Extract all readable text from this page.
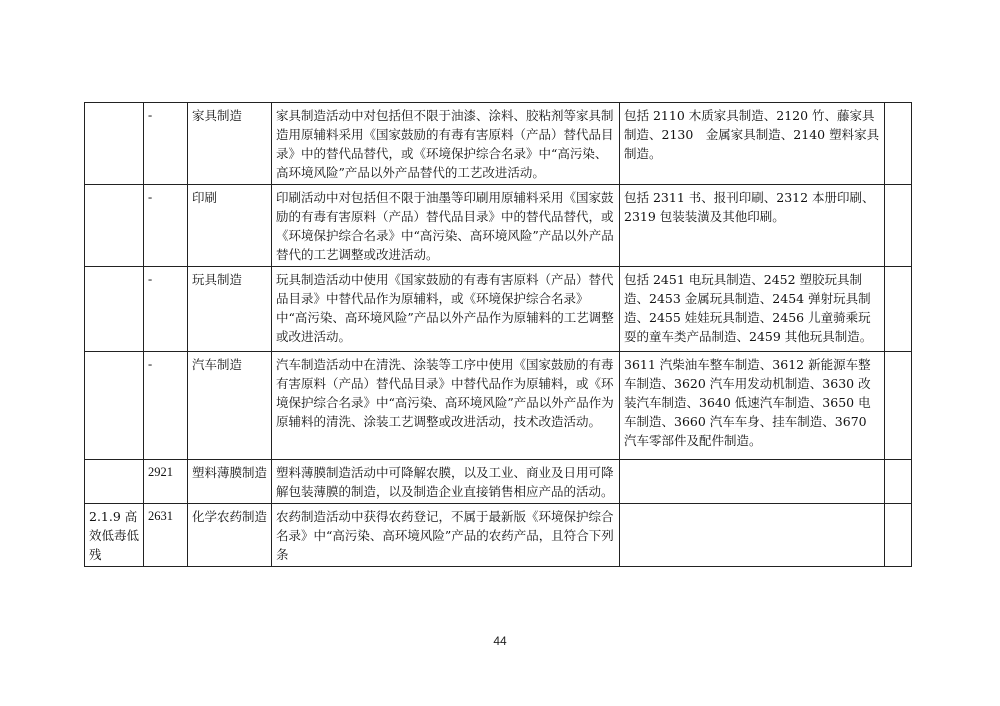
	-	家具制造	家具制造活动中对包括但不限于油漆、涂料、胶粘剂等家具制造用原辅料采用《国家鼓励的有毒有害原料（产品）替代品目录》中的替代品替代，或《环境保护综合名录》中“高污染、高环境风险”产品以外产品替代的工艺改进活动。	包括 2110 木质家具制造、2120 竹、藤家具制造、2130　金属家具制造、2140 塑料家具制造。	
	-	印刷	印刷活动中对包括但不限于油墨等印刷用原辅料采用《国家鼓励的有毒有害原料（产品）替代品目录》中的替代品替代，或《环境保护综合名录》中“高污染、高环境风险”产品以外产品替代的工艺调整或改进活动。	包括 2311 书、报刊印刷、2312 本册印刷、2319 包装装潢及其他印刷。	
	-	玩具制造	玩具制造活动中使用《国家鼓励的有毒有害原料（产品）替代品目录》中替代品作为原辅料，或《环境保护综合名录》中“高污染、高环境风险”产品以外产品作为原辅料的工艺调整或改进活动。	包括 2451 电玩具制造、2452 塑胶玩具制造、2453 金属玩具制造、2454 弹射玩具制造、2455 娃娃玩具制造、2456 儿童骑乘玩耍的童车类产品制造、2459 其他玩具制造。	
	-	汽车制造	汽车制造活动中在清洗、涂装等工序中使用《国家鼓励的有毒有害原料（产品）替代品目录》中替代品作为原辅料，或《环境保护综合名录》中“高污染、高环境风险”产品以外产品作为原辅料的清洗、涂装工艺调整或改进活动，技术改造活动。	3611 汽柴油车整车制造、3612 新能源车整车制造、3620 汽车用发动机制造、3630 改装汽车制造、3640 低速汽车制造、3650 电车制造、3660 汽车车身、挂车制造、3670 汽车零部件及配件制造。	
	2921	塑料薄膜制造	塑料薄膜制造活动中可降解农膜，以及工业、商业及日用可降解包装薄膜的制造，以及制造企业直接销售相应产品的活动。		
2.1.9 高效低毒低残	2631	化学农药制造	农药制造活动中获得农药登记，不属于最新版《环境保护综合名录》中“高污染、高环境风险”产品的农药产品，且符合下列条		
44
